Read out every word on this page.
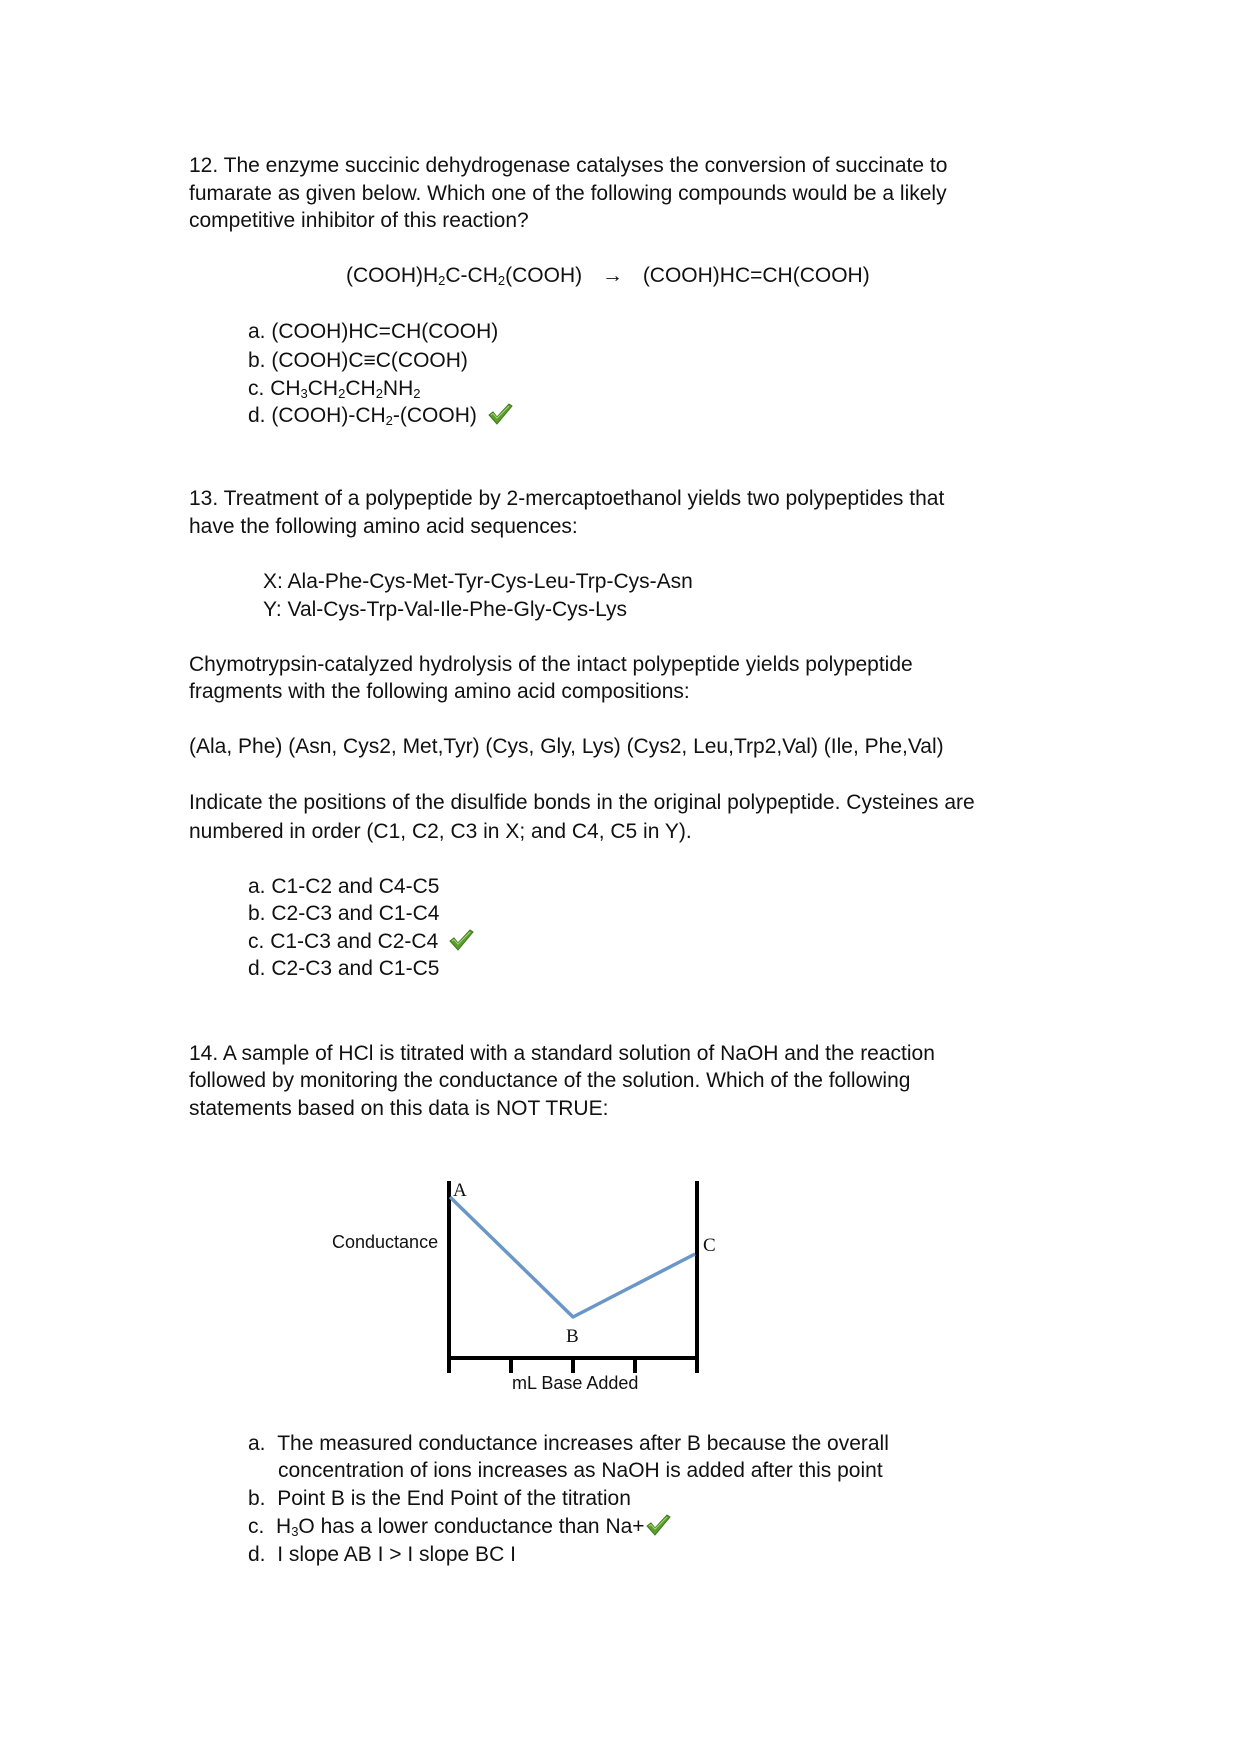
12. The enzyme succinic dehydrogenase catalyses the conversion of succinate to
fumarate as given below. Which one of the following compounds would be a likely
competitive inhibitor of this reaction?
$(COOH)H_2C-CH_2(COOH)$ → (COOH)HC=CH(COOH)
a. (COOH)HC=CH(COOH)
b. (COOH)C≡C(COOH)
c. $CH_3CH_2CH_2NH_2$
d. $(COOH)-CH_2-(COOH)$
13. Treatment of a polypeptide by 2-mercaptoethanol yields two polypeptides that
have the following amino acid sequences:
X: Ala-Phe-Cys-Met-Tyr-Cys-Leu-Trp-Cys-Asn
Y: Val-Cys-Trp-Val-Ile-Phe-Gly-Cys-Lys
Chymotrypsin-catalyzed hydrolysis of the intact polypeptide yields polypeptide
fragments with the following amino acid compositions:
(Ala, Phe) (Asn, Cys2, Met,Tyr) (Cys, Gly, Lys) (Cys2, Leu,Trp2,Val) (Ile, Phe,Val)
Indicate the positions of the disulfide bonds in the original polypeptide. Cysteines are
numbered in order (C1, C2, C3 in X; and C4, C5 in Y).
a. C1-C2 and C4-C5
b. C2-C3 and C1-C4
c. C1-C3 and C2-C4
d. C2-C3 and C1-C5
14. A sample of HCl is titrated with a standard solution of NaOH and the reaction
followed by monitoring the conductance of the solution. Which of the following
statements based on this data is NOT TRUE:
Conductance
A
B
C
mL Base Added
a. The measured conductance increases after B because the overall
concentration of ions increases as NaOH is added after this point
b. Point B is the End Point of the titration
c. $H_3O$ has a lower conductance than Na+
d. I slope AB I > I slope BC I
